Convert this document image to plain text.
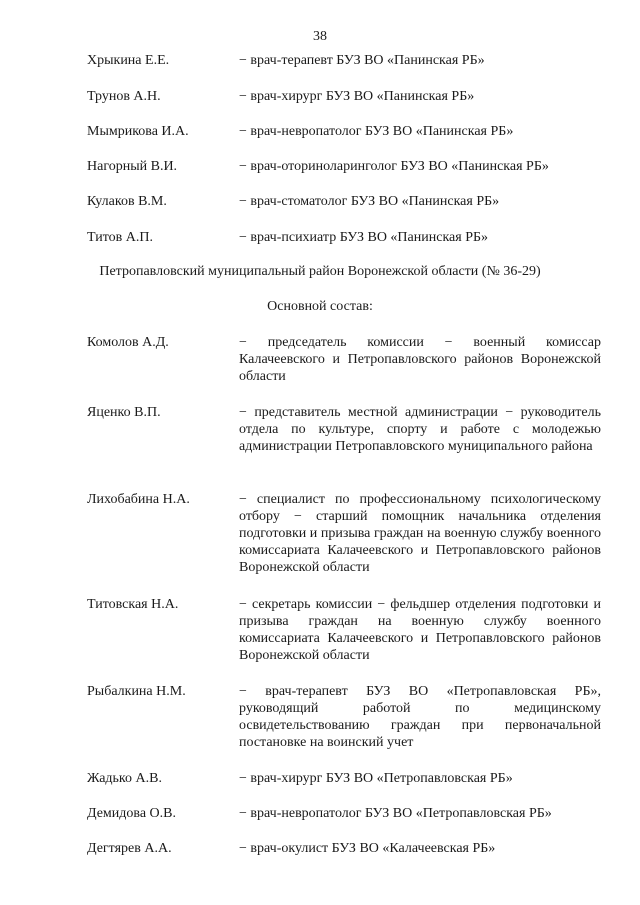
38
Хрыкина Е.Е.	− врач-терапевт БУЗ ВО «Панинская РБ»
Трунов А.Н.	− врач-хирург БУЗ ВО «Панинская РБ»
Мымрикова И.А.	− врач-невропатолог БУЗ ВО «Панинская РБ»
Нагорный В.И.	− врач-оториноларинголог БУЗ ВО «Панинская РБ»
Кулаков В.М.	− врач-стоматолог БУЗ ВО «Панинская РБ»
Титов А.П.	− врач-психиатр БУЗ ВО «Панинская РБ»
Петропавловский муниципальный район Воронежской области (№ 36-29)
Основной состав:
Комолов А.Д.	− председатель комиссии − военный комиссар Калачеевского и Петропавловского районов Воронежской области
Яценко В.П.	− представитель местной администрации − руководитель отдела по культуре, спорту и работе с молодежью администрации Петропавловского муниципального района
Лихобабина Н.А.	− специалист по профессиональному психологическому отбору − старший помощник начальника отделения подготовки и призыва граждан на военную службу военного комиссариата Калачеевского и Петропавловского районов Воронежской области
Титовская Н.А.	− секретарь комиссии − фельдшер отделения подготовки и призыва граждан на военную службу военного комиссариата Калачеевского и Петропавловского районов Воронежской области
Рыбалкина Н.М.	− врач-терапевт БУЗ ВО «Петропавловская РБ», руководящий работой по медицинскому освидетельствованию граждан при первоначальной постановке на воинский учет
Жадько А.В.	− врач-хирург БУЗ ВО «Петропавловская РБ»
Демидова О.В.	− врач-невропатолог БУЗ ВО «Петропавловская РБ»
Дегтярев А.А.	− врач-окулист БУЗ ВО «Калачеевская РБ»
